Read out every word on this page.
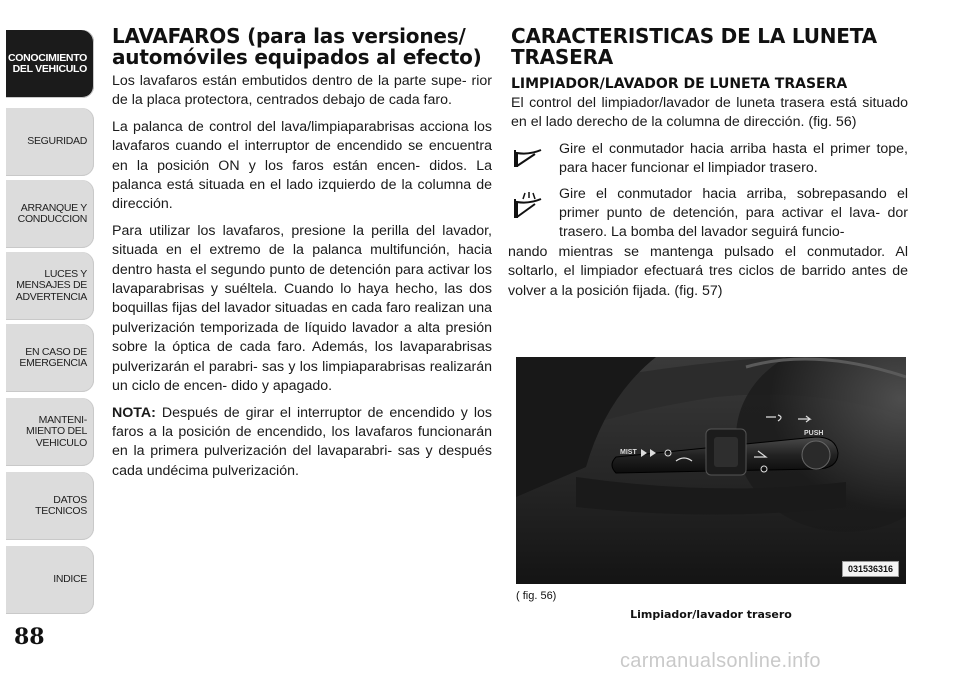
CONOCIMIENTO
DEL VEHICULO
SEGURIDAD
ARRANQUE Y
CONDUCCION
LUCES Y
MENSAJES DE
ADVERTENCIA
EN CASO DE
EMERGENCIA
MANTENI-
MIENTO DEL
VEHICULO
DATOS
TECNICOS
INDICE
88
LAVAFAROS (para las versiones/ automóviles equipados al efecto)

Los lavafaros están embutidos dentro de la parte supe- rior de la placa protectora, centrados debajo de cada faro.

La palanca de control del lava/limpiaparabrisas acciona los lavafaros cuando el interruptor de encendido se encuentra en la posición ON y los faros están encen- didos. La palanca está situada en el lado izquierdo de la columna de dirección.

Para utilizar los lavafaros, presione la perilla del lavador, situada en el extremo de la palanca multifunción, hacia dentro hasta el segundo punto de detención para activar los lavaparabrisas y suéltela. Cuando lo haya hecho, las dos boquillas fijas del lavador situadas en cada faro realizan una pulverización temporizada de líquido lavador a alta presión sobre la óptica de cada faro. Además, los lavaparabrisas pulverizarán el parabri- sas y los limpiaparabrisas realizarán un ciclo de encen- dido y apagado.

NOTA: Después de girar el interruptor de encendido y los faros a la posición de encendido, los lavafaros funcionarán en la primera pulverización del lavaparabri- sas y después cada undécima pulverización.

CARACTERISTICAS DE LA LUNETA TRASERA
LIMPIADOR/LAVADOR DE LUNETA TRASERA

El control del limpiador/lavador de luneta trasera está situado en el lado derecho de la columna de dirección. (fig. 56)

Gire el conmutador hacia arriba hasta el primer tope, para hacer funcionar el limpiador trasero.

Gire el conmutador hacia arriba, sobrepasando el primer punto de detención, para activar el lava- dor trasero. La bomba del lavador seguirá funcio-

nando mientras se mantenga pulsado el conmutador. Al soltarlo, el limpiador efectuará tres ciclos de barrido antes de volver a la posición fijada. (fig. 57)

MIST
PUSH
031536316
( fig. 56)
Limpiador/lavador trasero
carmanualsonline.info
